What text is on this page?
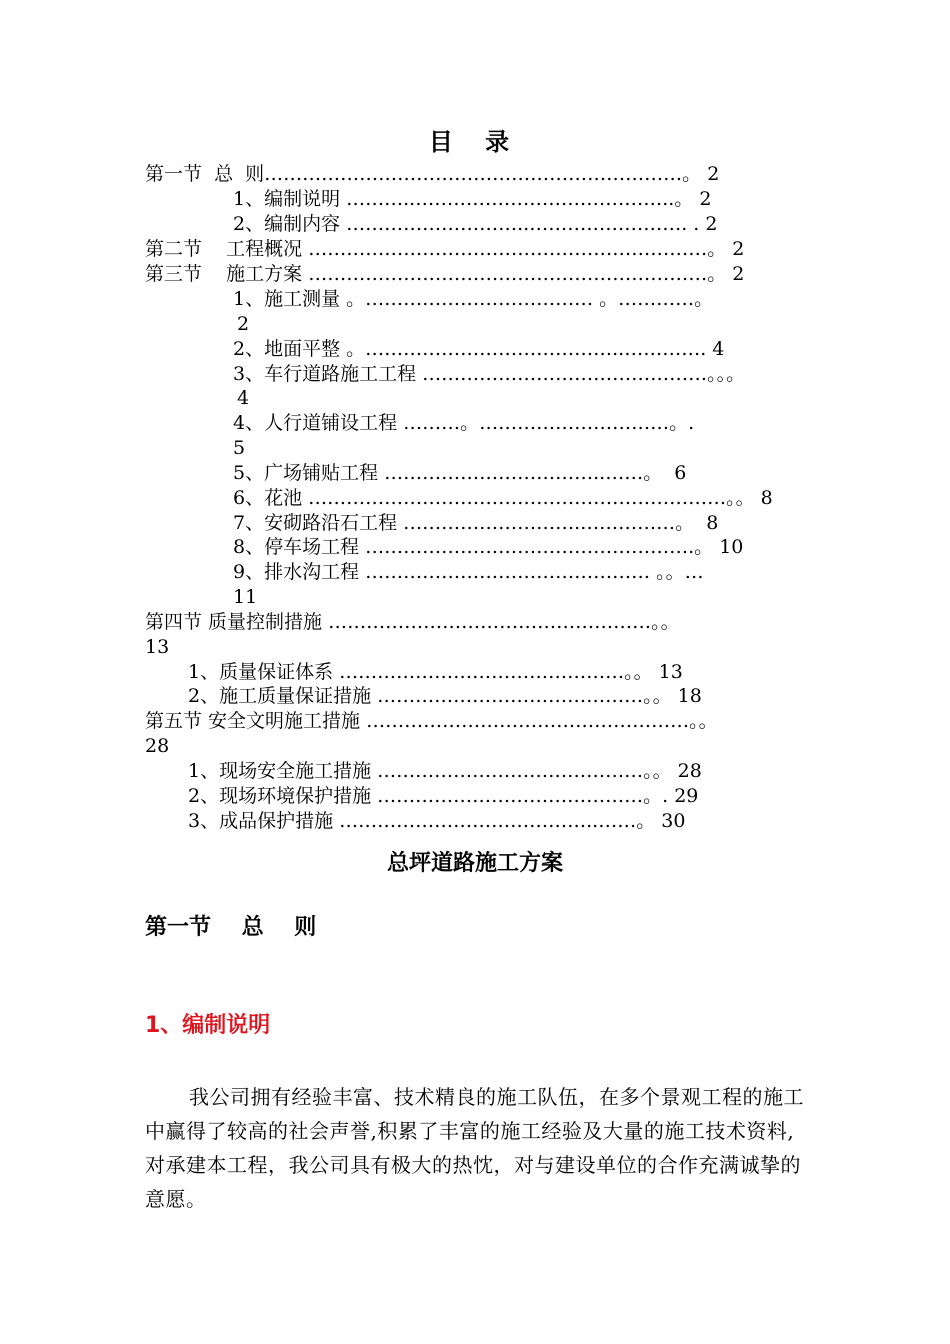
目 录
第一节  总  则…………………………………………………………。 2
1、编制说明 ………..…………………………………..。 2
2、编制内容 ………………………..……………………. . 2
第二节    工程概况 ………………………………………………………。 2
第三节    施工方案 ………………………………………………………。 2
1、施工测量 。……………………………… 。…………。
2
2、地面平整 。…………………………………..…………. 4
3、车行道路施工工程 ………………………………………。。。
4
4、人行道铺设工程 ………。…………………………。.
5
5、广场铺贴工程 ……………………………..……。  6
6、花池 …………………………………………………………。。 8
7、安砌路沿石工程 ……………………….……………。  8
8、停车场工程 …………………………………………….。 10
9、排水沟工程 ……………………………………… 。。…
11
第四节 质量控制措施 ……………………………………………。。
13
1、质量保证体系 ………………………………………。。 13
2、施工质量保证措施 ……………………………………。。 18
第五节 安全文明施工措施 ……………………………………………。。
28
1、现场安全施工措施 ……………………………………。。 28
2、现场环境保护措施 ……………………………………。. 29
3、成品保护措施 …………………………………..……。 30
总坪道路施工方案
第一节    总    则
1、编制说明
我公司拥有经验丰富、技术精良的施工队伍，在多个景观工程的施工中赢得了较高的社会声誉,积累了丰富的施工经验及大量的施工技术资料,对承建本工程，我公司具有极大的热忱，对与建设单位的合作充满诚挚的意愿。
